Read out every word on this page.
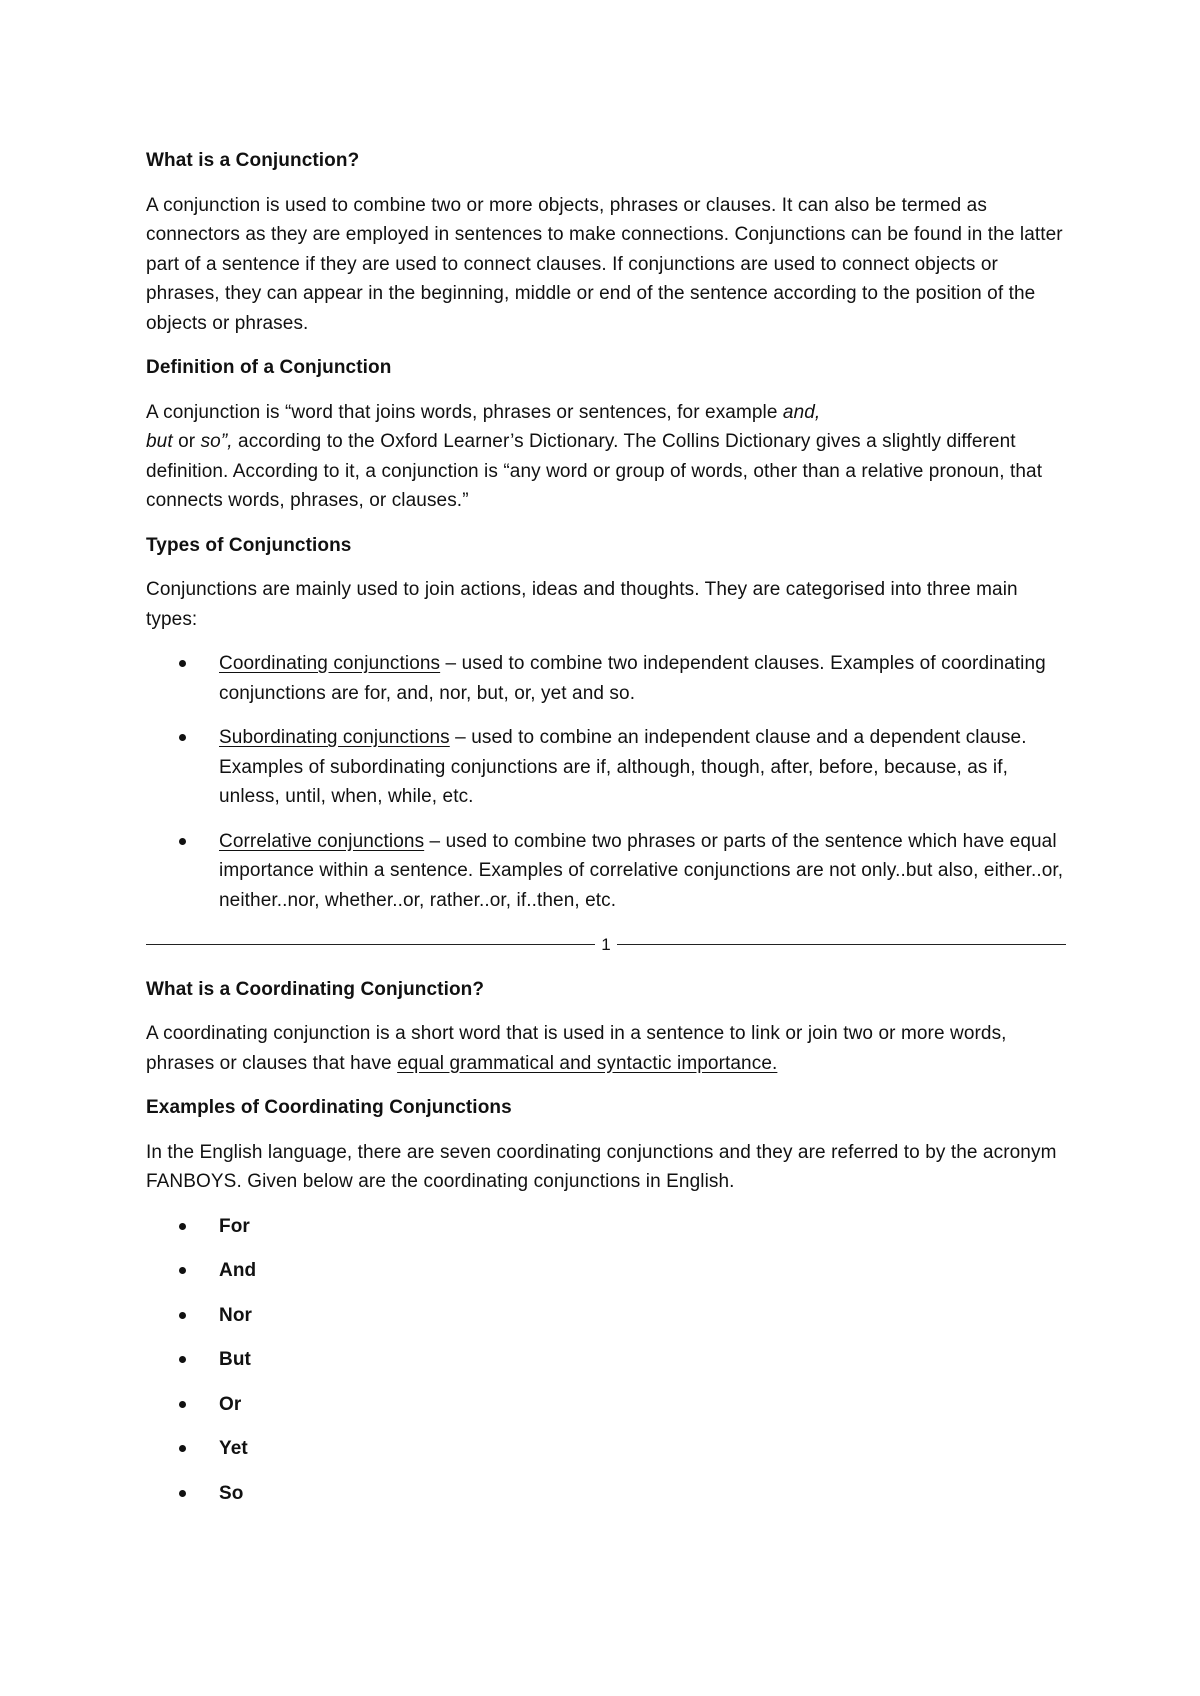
What is a Conjunction?

A conjunction is used to combine two or more objects, phrases or clauses. It can also be termed as connectors as they are employed in sentences to make connections. Conjunctions can be found in the latter part of a sentence if they are used to connect clauses. If conjunctions are used to connect objects or phrases, they can appear in the beginning, middle or end of the sentence according to the position of the objects or phrases.

Definition of a Conjunction

A conjunction is “word that joins words, phrases or sentences, for example and,
but or so”, according to the Oxford Learner’s Dictionary. The Collins Dictionary gives a slightly different definition. According to it, a conjunction is “any word or group of words, other than a relative pronoun, that connects words, phrases, or clauses.”

Types of Conjunctions

Conjunctions are mainly used to join actions, ideas and thoughts. They are categorised into three main types:

Coordinating conjunctions – used to combine two independent clauses. Examples of coordinating conjunctions are for, and, nor, but, or, yet and so.
Subordinating conjunctions – used to combine an independent clause and a dependent clause. Examples of subordinating conjunctions are if, although, though, after, before, because, as if, unless, until, when, while, etc.
Correlative conjunctions – used to combine two phrases or parts of the sentence which have equal importance within a sentence. Examples of correlative conjunctions are not only..but also, either..or, neither..nor, whether..or, rather..or, if..then, etc.
1
What is a Coordinating Conjunction?

A coordinating conjunction is a short word that is used in a sentence to link or join two or more words, phrases or clauses that have equal grammatical and syntactic importance.

Examples of Coordinating Conjunctions

In the English language, there are seven coordinating conjunctions and they are referred to by the acronym FANBOYS. Given below are the coordinating conjunctions in English.

For
And
Nor
But
Or
Yet
So
